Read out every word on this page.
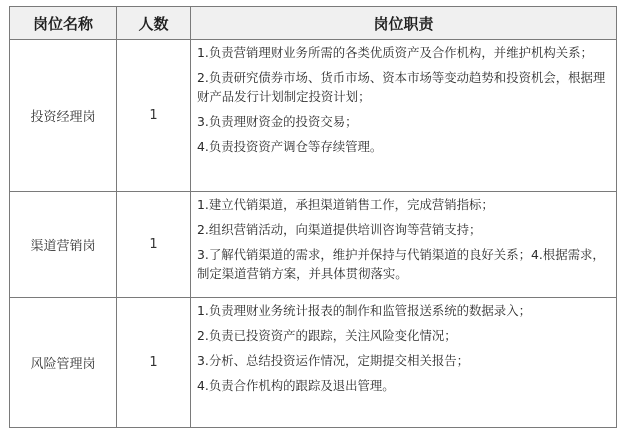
岗位名称	人数	岗位职责
投资经理岗	1	1.负责营销理财业务所需的各类优质资产及合作机构，并维护机构关系；

2.负责研究债券市场、货币市场、资本市场等变动趋势和投资机会，根据理财产品发行计划制定投资计划；

3.负责理财资金的投资交易；

4.负责投资资产调仓等存续管理。

渠道营销岗	1	1.建立代销渠道，承担渠道销售工作，完成营销指标；

2.组织营销活动，向渠道提供培训咨询等营销支持；

3.了解代销渠道的需求，维护并保持与代销渠道的良好关系；4.根据需求，制定渠道营销方案，并具体贯彻落实。

风险管理岗	1	1.负责理财业务统计报表的制作和监管报送系统的数据录入；

2.负责已投资资产的跟踪，关注风险变化情况；

3.分析、总结投资运作情况，定期提交相关报告；

4.负责合作机构的跟踪及退出管理。
